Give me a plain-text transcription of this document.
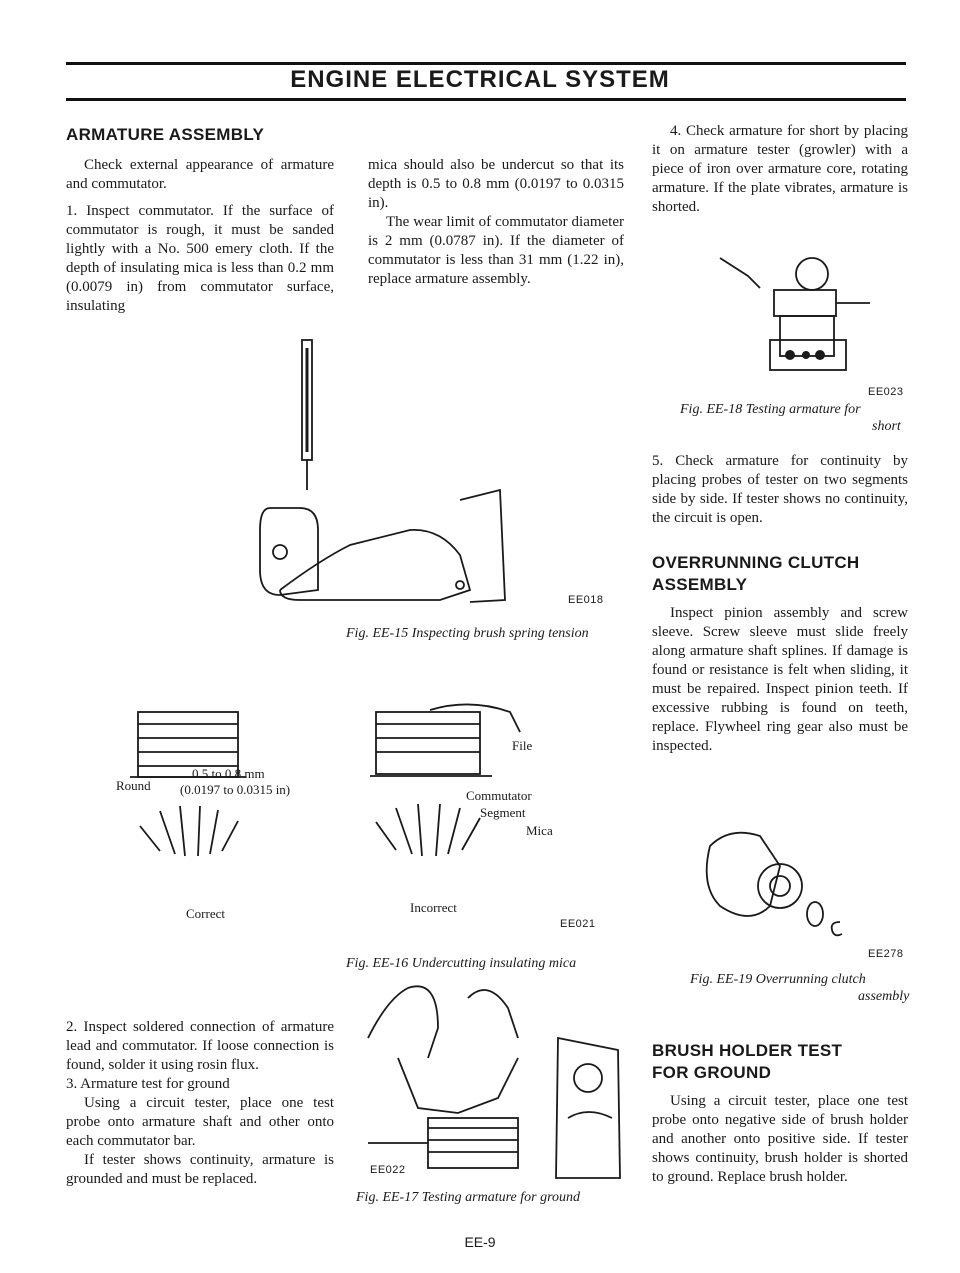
ENGINE ELECTRICAL SYSTEM
ARMATURE ASSEMBLY

Check external appearance of armature and commutator.

1. Inspect commutator. If the surface of commutator is rough, it must be sanded lightly with a No. 500 emery cloth. If the depth of insulating mica is less than 0.2 mm (0.0079 in) from commutator surface, insulating

mica should also be undercut so that its depth is 0.5 to 0.8 mm (0.0197 to 0.0315 in).

The wear limit of commutator diameter is 2 mm (0.0787 in). If the diameter of commutator is less than 31 mm (1.22 in), replace armature assembly.

EE018
Fig. EE-15 Inspecting brush spring tension
Round
0.5 to 0.8 mm
(0.0197 to 0.0315 in)
Correct
File
Commutator
Segment
Mica
Incorrect
EE021
Fig. EE-16 Undercutting insulating mica

2. Inspect soldered connection of armature lead and commutator. If loose connection is found, solder it using rosin flux.

3. Armature test for ground

Using a circuit tester, place one test probe onto armature shaft and other onto each commutator bar.

If tester shows continuity, armature is grounded and must be replaced.

EE022
Fig. EE-17 Testing armature for ground

4. Check armature for short by placing it on armature tester (growler) with a piece of iron over armature core, rotating armature. If the plate vibrates, armature is shorted.

EE023
Fig. EE-18 Testing armature for
short

5. Check armature for continuity by placing probes of tester on two segments side by side. If tester shows no continuity, the circuit is open.

OVERRUNNING CLUTCH
ASSEMBLY

Inspect pinion assembly and screw sleeve. Screw sleeve must slide freely along armature shaft splines. If damage is found or resistance is felt when sliding, it must be repaired. Inspect pinion teeth. If excessive rubbing is found on teeth, replace. Flywheel ring gear also must be inspected.

EE278
Fig. EE-19 Overrunning clutch
assembly
BRUSH HOLDER TEST
FOR GROUND

Using a circuit tester, place one test probe onto negative side of brush holder and another onto positive side. If tester shows continuity, brush holder is shorted to ground. Replace brush holder.

EE-9
